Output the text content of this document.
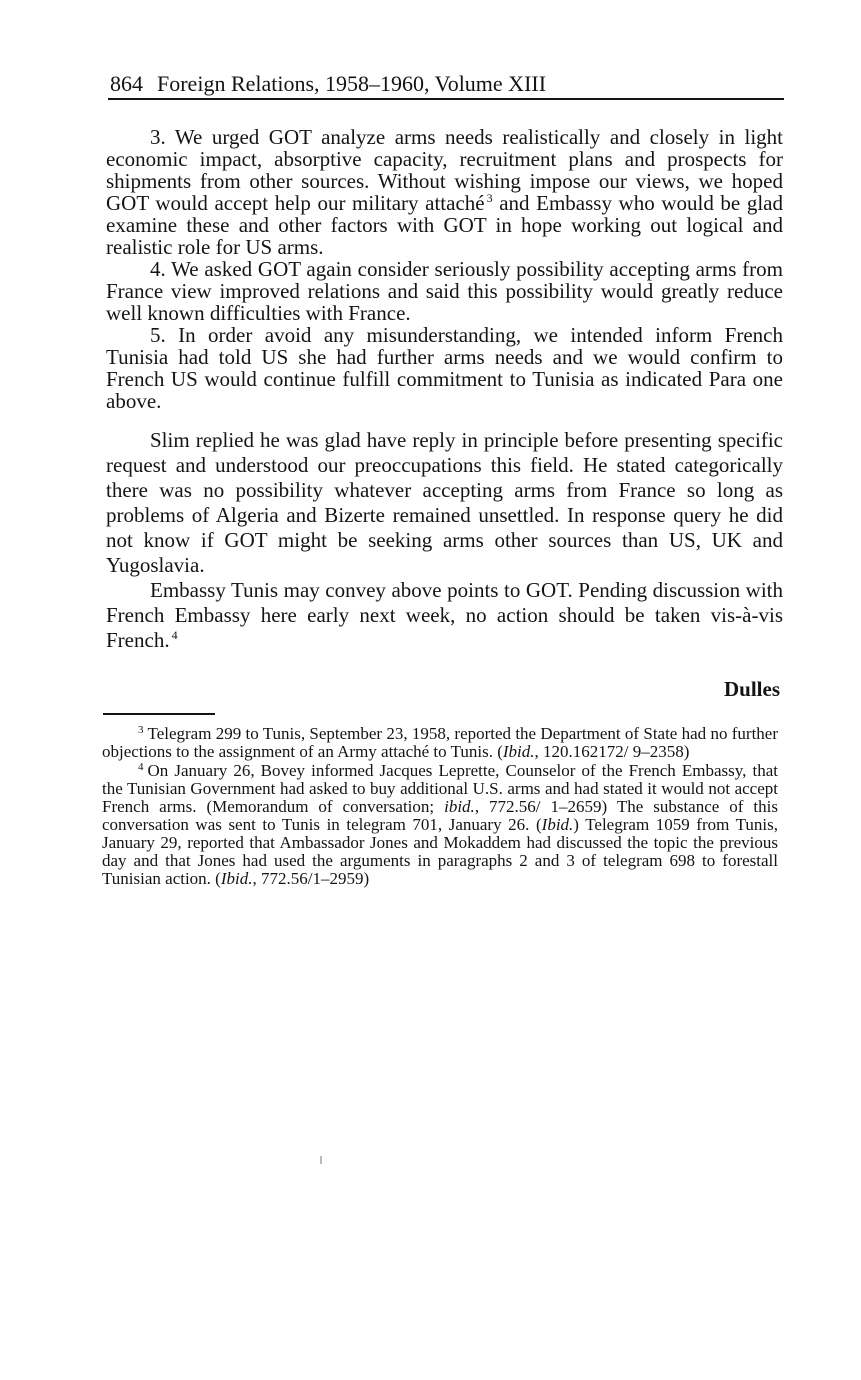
864 Foreign Relations, 1958–1960, Volume XIII

3. We urged GOT analyze arms needs realistically and closely in light economic impact, absorptive capacity, recruitment plans and prospects for shipments from other sources. Without wishing impose our views, we hoped GOT would accept help our military attaché $^3$ and Embassy who would be glad examine these and other factors with GOT in hope working out logical and realistic role for US arms.

4. We asked GOT again consider seriously possibility accepting arms from France view improved relations and said this possibility would greatly reduce well known difficulties with France.

5. In order avoid any misunderstanding, we intended inform French Tunisia had told US she had further arms needs and we would confirm to French US would continue fulfill commitment to Tunisia as indicated Para one above.

Slim replied he was glad have reply in principle before presenting specific request and understood our preoccupations this field. He stated categorically there was no possibility whatever accepting arms from France so long as problems of Algeria and Bizerte remained unsettled. In response query he did not know if GOT might be seeking arms other sources than US, UK and Yugoslavia.

Embassy Tunis may convey above points to GOT. Pending discussion with French Embassy here early next week, no action should be taken vis-à-vis French. $^4$

Dulles

$^3$ Telegram 299 to Tunis, September 23, 1958, reported the Department of State had no further objections to the assignment of an Army attaché to Tunis. (Ibid., 120.162172/ 9–2358)

$^4$ On January 26, Bovey informed Jacques Leprette, Counselor of the French Embassy, that the Tunisian Government had asked to buy additional U.S. arms and had stated it would not accept French arms. (Memorandum of conversation; ibid., 772.56/ 1–2659) The substance of this conversation was sent to Tunis in telegram 701, January 26. (Ibid.) Telegram 1059 from Tunis, January 29, reported that Ambassador Jones and Mokaddem had discussed the topic the previous day and that Jones had used the arguments in paragraphs 2 and 3 of telegram 698 to forestall Tunisian action. (Ibid., 772.56/1–2959)
